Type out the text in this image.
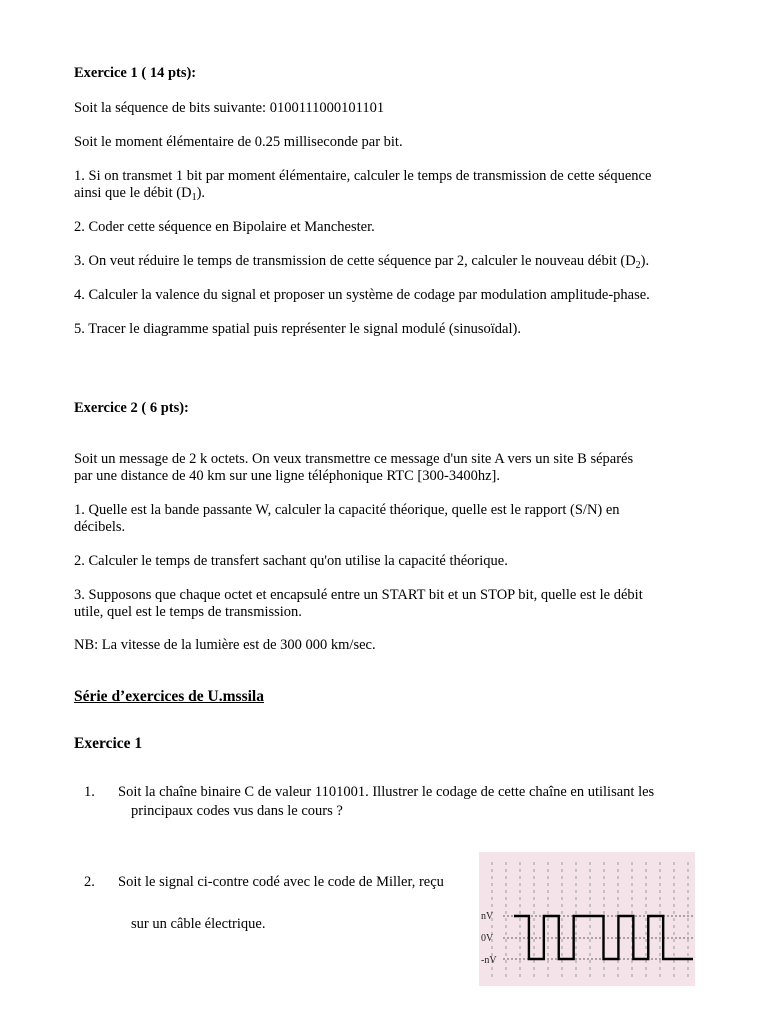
Exercice 1 ( 14 pts):
Soit la séquence de bits suivante: 0100111000101101
Soit le moment élémentaire de 0.25 milliseconde par bit.
1. Si on transmet 1 bit par moment élémentaire, calculer le temps de transmission de cette séquence
ainsi que le débit $(D_1)$.
2. Coder cette séquence en Bipolaire et Manchester.
3. On veut réduire le temps de transmission de cette séquence par 2, calculer le nouveau débit $(D_2)$.
4. Calculer la valence du signal et proposer un système de codage par modulation amplitude-phase.
5. Tracer le diagramme spatial puis représenter le signal modulé (sinusoïdal).
Exercice 2 ( 6 pts):
Soit un message de 2 k octets. On veux transmettre ce message d'un site A vers un site B séparés
par une distance de 40 km sur une ligne téléphonique RTC [300-3400hz].
1. Quelle est la bande passante W, calculer la capacité théorique, quelle est le rapport (S/N) en
décibels.
2. Calculer le temps de transfert sachant qu'on utilise la capacité théorique.
3. Supposons que chaque octet et encapsulé entre un START bit et un STOP bit, quelle est le débit
utile, quel est le temps de transmission.
NB: La vitesse de la lumière est de 300 000 km/sec.
Série d’exercices de U.mssila
Exercice 1
1. Soit la chaîne binaire C de valeur 1101001. Illustrer le codage de cette chaîne en utilisant les
principaux codes vus dans le cours ?
2. Soit le signal ci-contre codé avec le code de Miller, reçu
sur un câble électrique.	nV
0V
-nV
